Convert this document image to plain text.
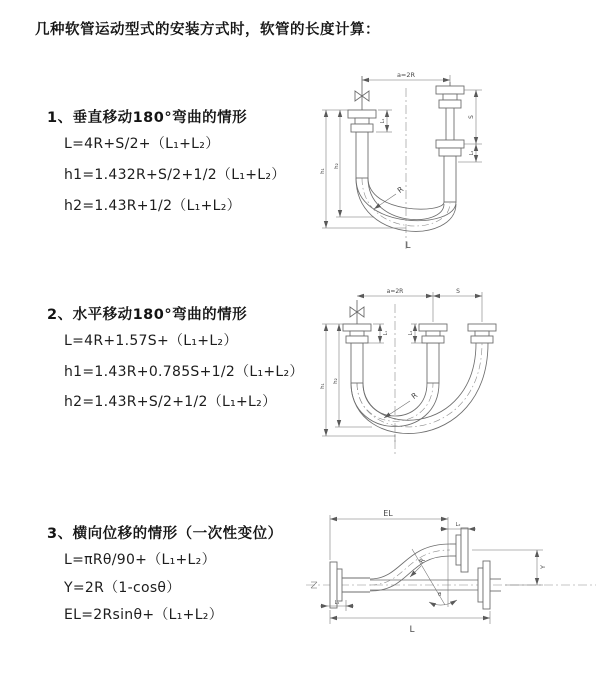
几种软管运动型式的安装方式时，软管的长度计算：
1、垂直移动180°弯曲的情形
L=4R+S/2+（L₁+L₂）
h1=1.432R+S/2+1/2（L₁+L₂）
h2=1.43R+1/2（L₁+L₂）
2、水平移动180°弯曲的情形
L=4R+1.57S+（L₁+L₂）
h1=1.43R+0.785S+1/2（L₁+L₂）
h2=1.43R+S/2+1/2（L₁+L₂）
3、横向位移的情形（一次性变位）
L=πRθ/90+（L₁+L₂）
Y=2R（1-cosθ）
EL=2Rsinθ+（L₁+L₂）
a=2R
h₁
h₂
S
L₂
L₁
R
L
a=2R	S
h₁
h₂
L₁	L₂
R
θ
R
EL
L₂
Y
L
L₁
